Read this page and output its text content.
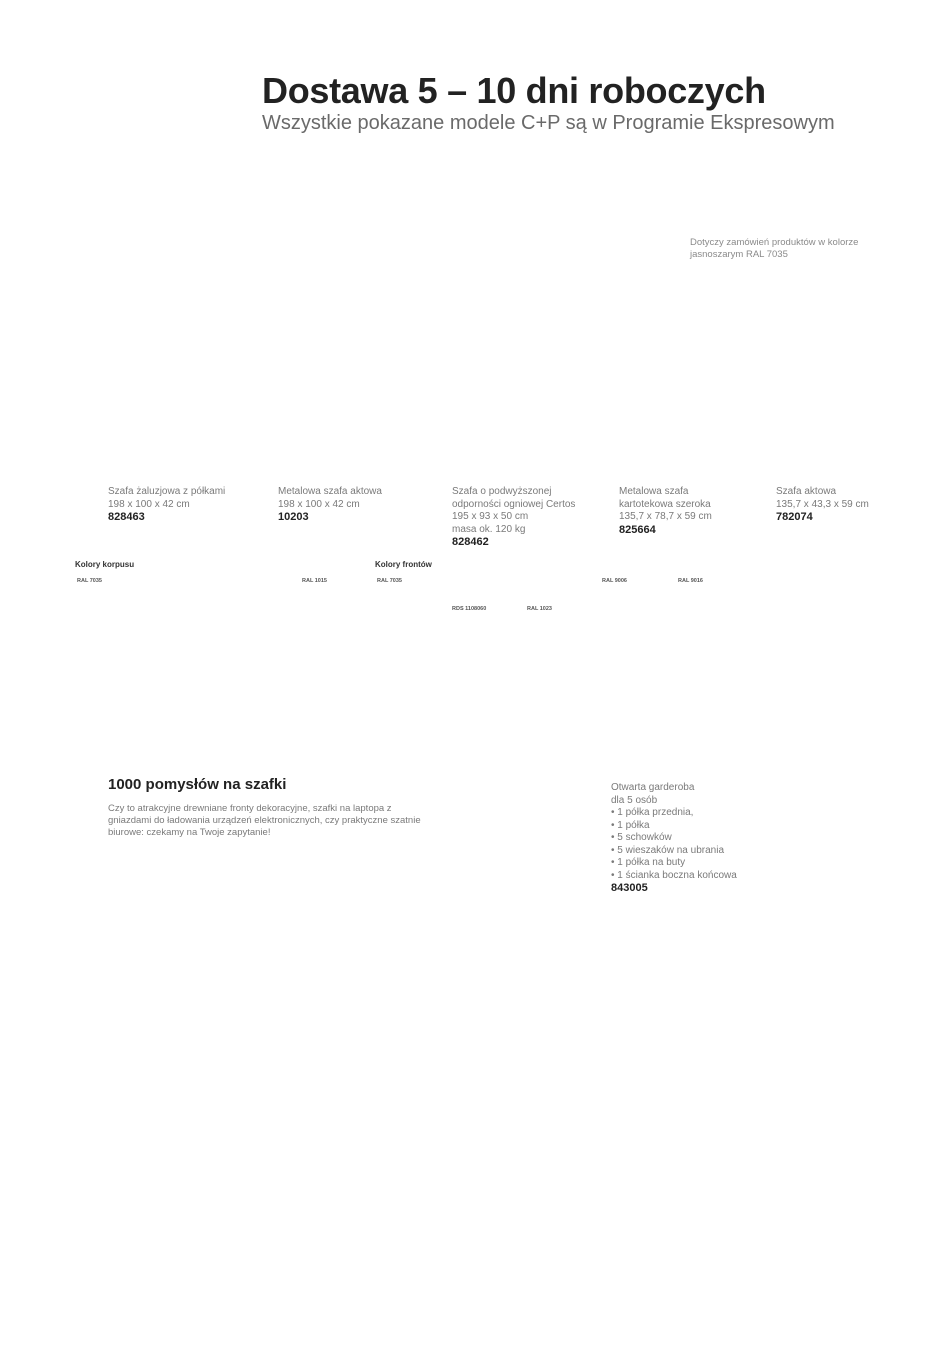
Dostawa 5 – 10 dni roboczych

Wszystkie pokazane modele C+P są w Programie Ekspresowym

Dotyczy zamówień produktów w kolorze jasnoszarym RAL 7035
Szafa żaluzjowa z półkami
198 x 100 x 42 cm
828463
Metalowa szafa aktowa
198 x 100 x 42 cm
10203
Szafa o podwyższonej
odporności ogniowej Certos
195 x 93 x 50 cm
masa ok. 120 kg
828462
Metalowa szafa
kartotekowa szeroka
135,7 x 78,7 x 59 cm
825664
Szafa aktowa
135,7 x 43,3 x 59 cm
782074
Kolory korpusu	Kolory frontów
RAL 7035	RAL 1015	RAL 7035	RAL 9006	RAL 9016
RDS 1108060	RAL 1023
1000 pomysłów na szafki

Czy to atrakcyjne drewniane fronty dekoracyjne, szafki na laptopa z gniazdami do ładowania urządzeń elektronicznych, czy praktyczne szatnie biurowe: czekamy na Twoje zapytanie!

Otwarta garderoba
dla 5 osób
• 1 półka przednia,
• 1 półka
• 5 schowków
• 5 wieszaków na ubrania
• 1 półka na buty
• 1 ścianka boczna końcowa
843005
